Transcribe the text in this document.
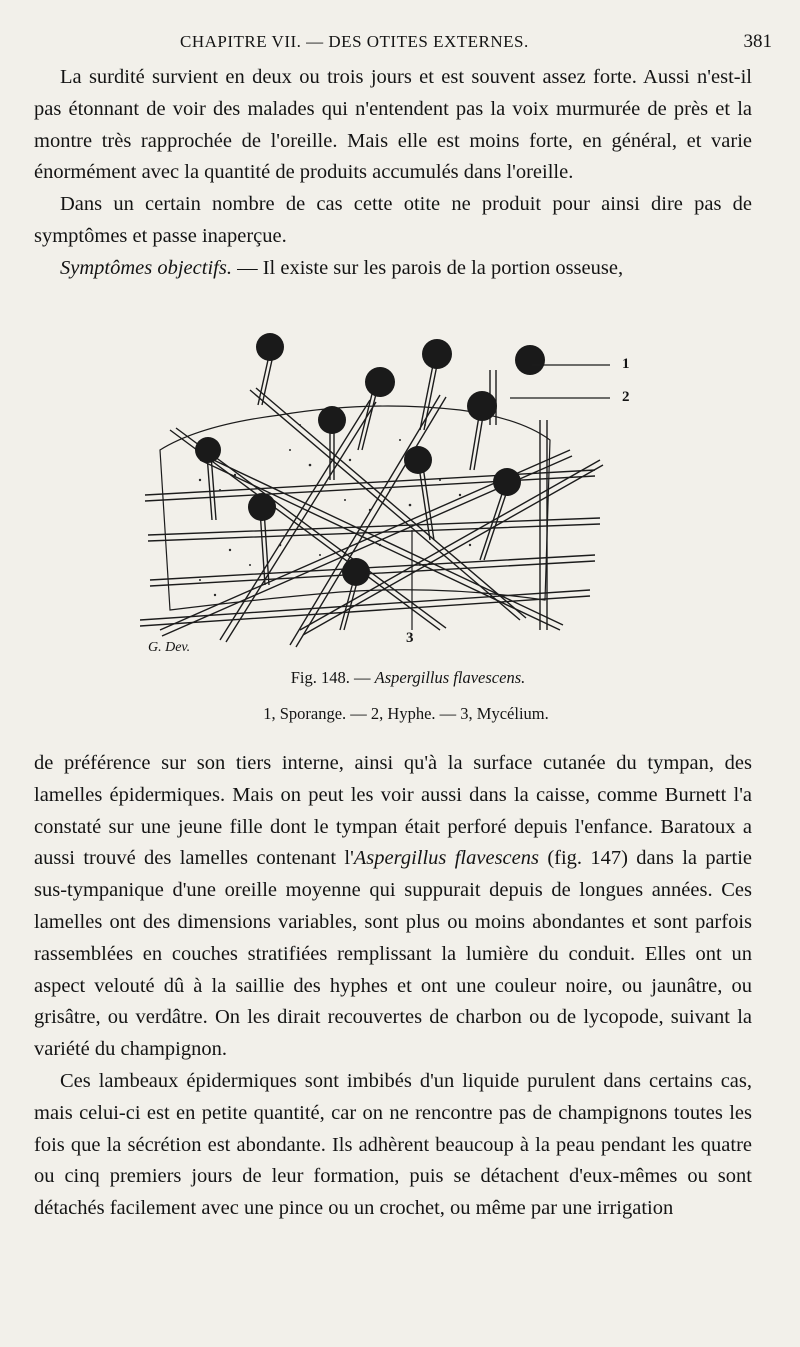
CHAPITRE VII. — DES OTITES EXTERNES.	381

La surdité survient en deux ou trois jours et est souvent assez forte. Aussi n'est-il pas étonnant de voir des malades qui n'entendent pas la voix murmurée de près et la montre très rapprochée de l'oreille. Mais elle est moins forte, en général, et varie énormément avec la quantité de produits accumulés dans l'oreille.

Dans un certain nombre de cas cette otite ne produit pour ainsi dire pas de symptômes et passe inaperçue.

Symptômes objectifs. — Il existe sur les parois de la portion osseuse,

1
2
3
G. Dev.
Fig. 148. — Aspergillus flavescens.
1, Sporange. — 2, Hyphe. — 3, Mycélium.

de préférence sur son tiers interne, ainsi qu'à la surface cutanée du tympan, des lamelles épidermiques. Mais on peut les voir aussi dans la caisse, comme Burnett l'a constaté sur une jeune fille dont le tympan était perforé depuis l'enfance. Baratoux a aussi trouvé des lamelles contenant l'Aspergillus flavescens (fig. 147) dans la partie sus-tympanique d'une oreille moyenne qui suppurait depuis de longues années. Ces lamelles ont des dimensions variables, sont plus ou moins abondantes et sont parfois rassemblées en couches stratifiées remplissant la lumière du conduit. Elles ont un aspect velouté dû à la saillie des hyphes et ont une couleur noire, ou jaunâtre, ou grisâtre, ou verdâtre. On les dirait recouvertes de charbon ou de lycopode, suivant la variété du champignon.

Ces lambeaux épidermiques sont imbibés d'un liquide purulent dans certains cas, mais celui-ci est en petite quantité, car on ne rencontre pas de champignons toutes les fois que la sécrétion est abondante. Ils adhèrent beaucoup à la peau pendant les quatre ou cinq premiers jours de leur formation, puis se détachent d'eux-mêmes ou sont détachés facilement avec une pince ou un crochet, ou même par une irrigation
